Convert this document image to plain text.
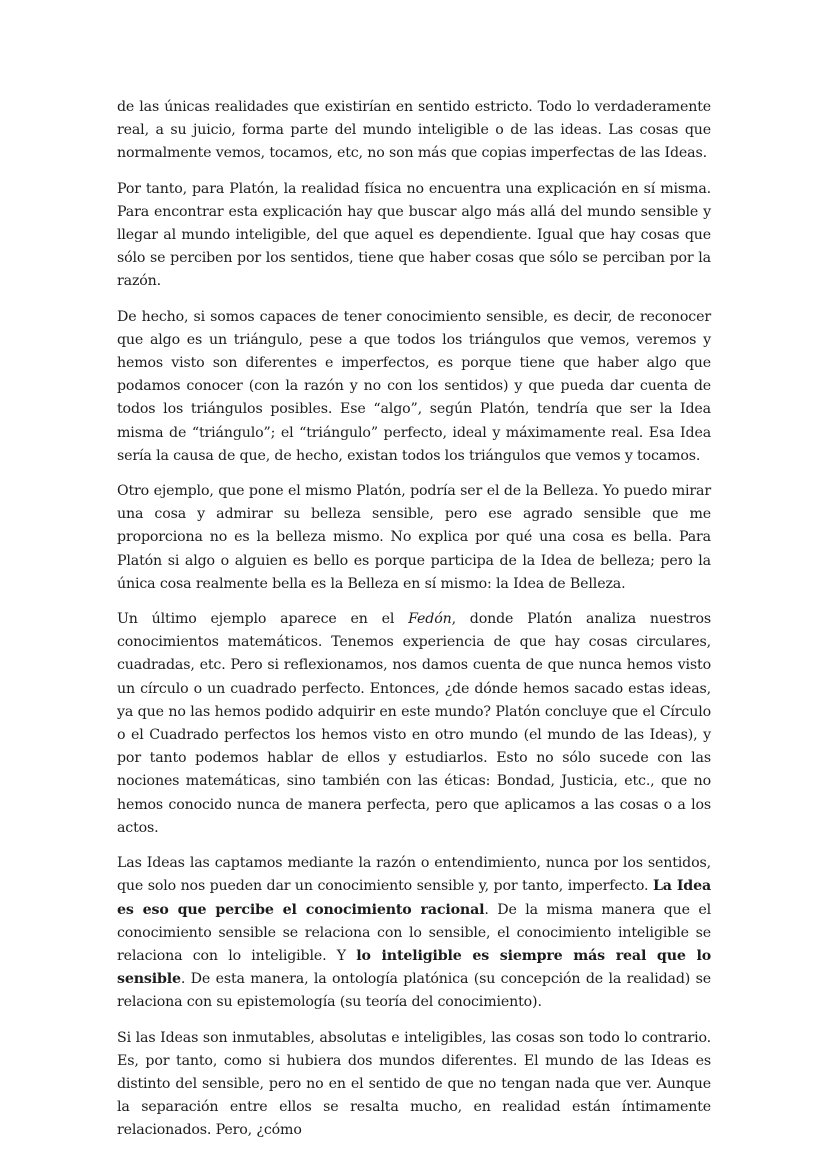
de las únicas realidades que existirían en sentido estricto. Todo lo verdaderamente real, a su juicio, forma parte del mundo inteligible o de las ideas. Las cosas que normalmente vemos, tocamos, etc, no son más que copias imperfectas de las Ideas.

Por tanto, para Platón, la realidad física no encuentra una explicación en sí misma. Para encontrar esta explicación hay que buscar algo más allá del mundo sensible y llegar al mundo inteligible, del que aquel es dependiente. Igual que hay cosas que sólo se perciben por los sentidos, tiene que haber cosas que sólo se perciban por la razón.

De hecho, si somos capaces de tener conocimiento sensible, es decir, de reconocer que algo es un triángulo, pese a que todos los triángulos que vemos, veremos y hemos visto son diferentes e imperfectos, es porque tiene que haber algo que podamos conocer (con la razón y no con los sentidos) y que pueda dar cuenta de todos los triángulos posibles. Ese “algo”, según Platón, tendría que ser la Idea misma de “triángulo”; el “triángulo” perfecto, ideal y máximamente real. Esa Idea sería la causa de que, de hecho, existan todos los triángulos que vemos y tocamos.

Otro ejemplo, que pone el mismo Platón, podría ser el de la Belleza. Yo puedo mirar una cosa y admirar su belleza sensible, pero ese agrado sensible que me proporciona no es la belleza mismo. No explica por qué una cosa es bella. Para Platón si algo o alguien es bello es porque participa de la Idea de belleza; pero la única cosa realmente bella es la Belleza en sí mismo: la Idea de Belleza.

Un último ejemplo aparece en el Fedón, donde Platón analiza nuestros conocimientos matemáticos. Tenemos experiencia de que hay cosas circulares, cuadradas, etc. Pero si reflexionamos, nos damos cuenta de que nunca hemos visto un círculo o un cuadrado perfecto. Entonces, ¿de dónde hemos sacado estas ideas, ya que no las hemos podido adquirir en este mundo? Platón concluye que el Círculo o el Cuadrado perfectos los hemos visto en otro mundo (el mundo de las Ideas), y por tanto podemos hablar de ellos y estudiarlos. Esto no sólo sucede con las nociones matemáticas, sino también con las éticas: Bondad, Justicia, etc., que no hemos conocido nunca de manera perfecta, pero que aplicamos a las cosas o a los actos.

Las Ideas las captamos mediante la razón o entendimiento, nunca por los sentidos, que solo nos pueden dar un conocimiento sensible y, por tanto, imperfecto. La Idea es eso que percibe el conocimiento racional. De la misma manera que el conocimiento sensible se relaciona con lo sensible, el conocimiento inteligible se relaciona con lo inteligible. Y lo inteligible es siempre más real que lo sensible. De esta manera, la ontología platónica (su concepción de la realidad) se relaciona con su epistemología (su teoría del conocimiento).

Si las Ideas son inmutables, absolutas e inteligibles, las cosas son todo lo contrario. Es, por tanto, como si hubiera dos mundos diferentes. El mundo de las Ideas es distinto del sensible, pero no en el sentido de que no tengan nada que ver. Aunque la separación entre ellos se resalta mucho, en realidad están íntimamente relacionados. Pero, ¿cómo
